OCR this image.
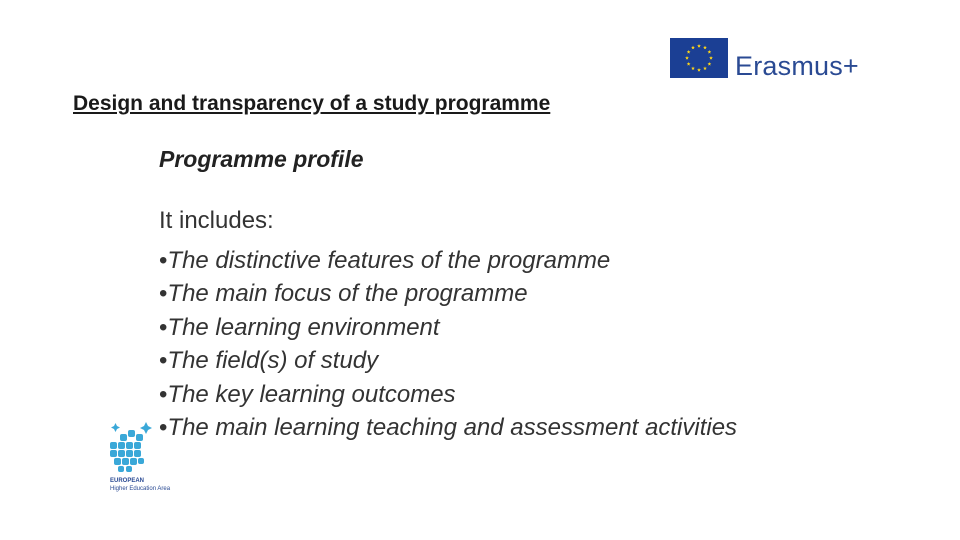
Erasmus+
Design and transparency of a study programme
Programme profile

It includes:

•The distinctive features of the programme
•The main focus of the programme
•The learning environment
•The field(s) of study
•The key learning outcomes
•The main learning teaching and assessment activities
EUROPEAN
Higher Education Area
